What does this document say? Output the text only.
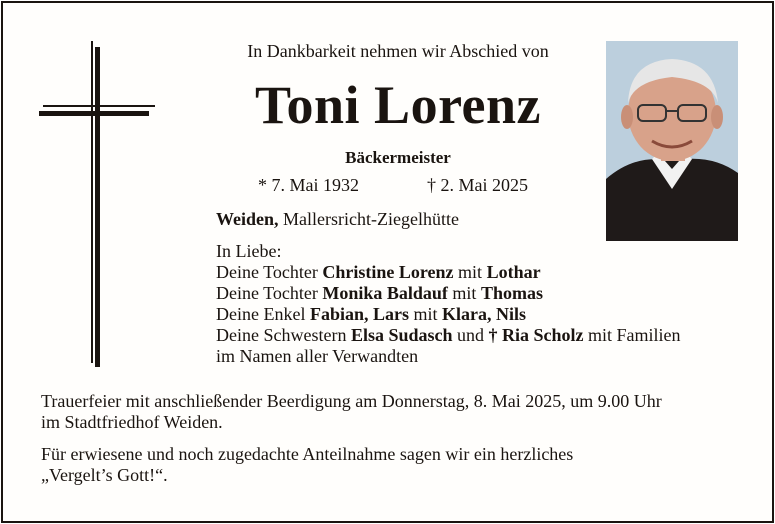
In Dankbarkeit nehmen wir Abschied von
Toni Lorenz
Bäckermeister
* 7. Mai 1932	† 2. Mai 2025
Weiden, Mallersricht-Ziegelhütte
In Liebe:
Deine Tochter Christine Lorenz mit Lothar
Deine Tochter Monika Baldauf mit Thomas
Deine Enkel Fabian, Lars mit Klara, Nils
Deine Schwestern Elsa Sudasch und † Ria Scholz mit Familien
im Namen aller Verwandten
Trauerfeier mit anschließender Beerdigung am Donnerstag, 8. Mai 2025, um 9.00 Uhr
im Stadtfriedhof Weiden.
Für erwiesene und noch zugedachte Anteilnahme sagen wir ein herzliches
„Vergelt’s Gott!“.
